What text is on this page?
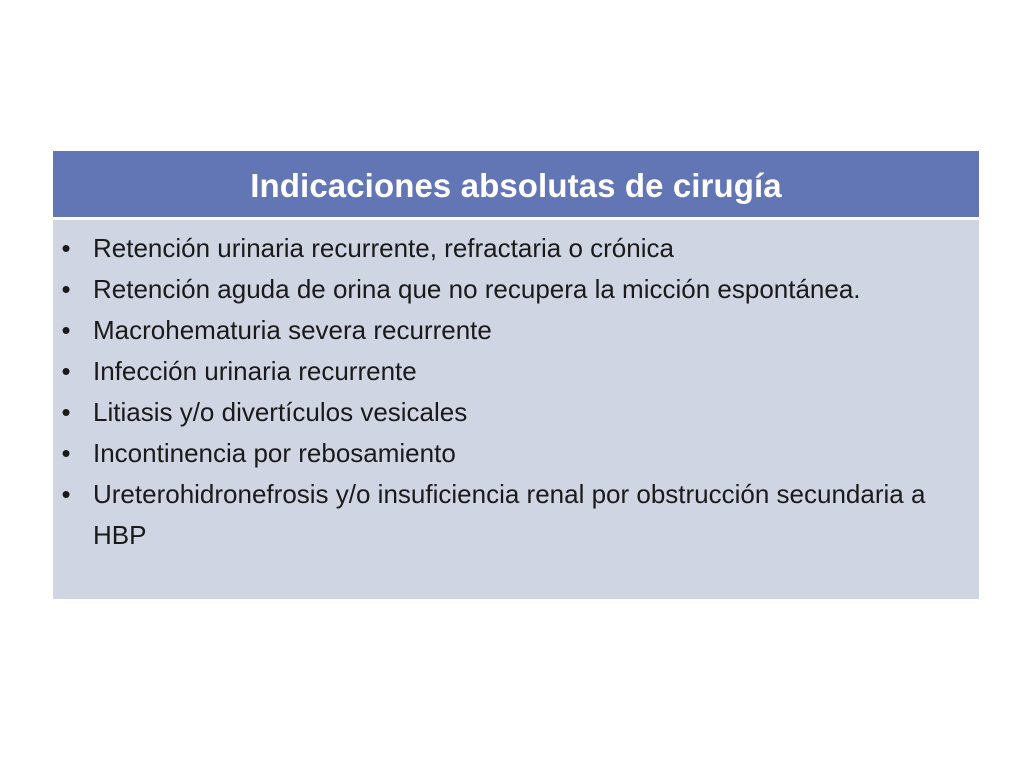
Indicaciones absolutas de cirugía
• Retención urinaria recurrente, refractaria o crónica
• Retención aguda de orina que no recupera la micción espontánea.
• Macrohematuria severa recurrente
• Infección urinaria recurrente
• Litiasis y/o divertículos vesicales
• Incontinencia por rebosamiento
• Ureterohidronefrosis y/o insuficiencia renal por obstrucción secundaria a HBP
